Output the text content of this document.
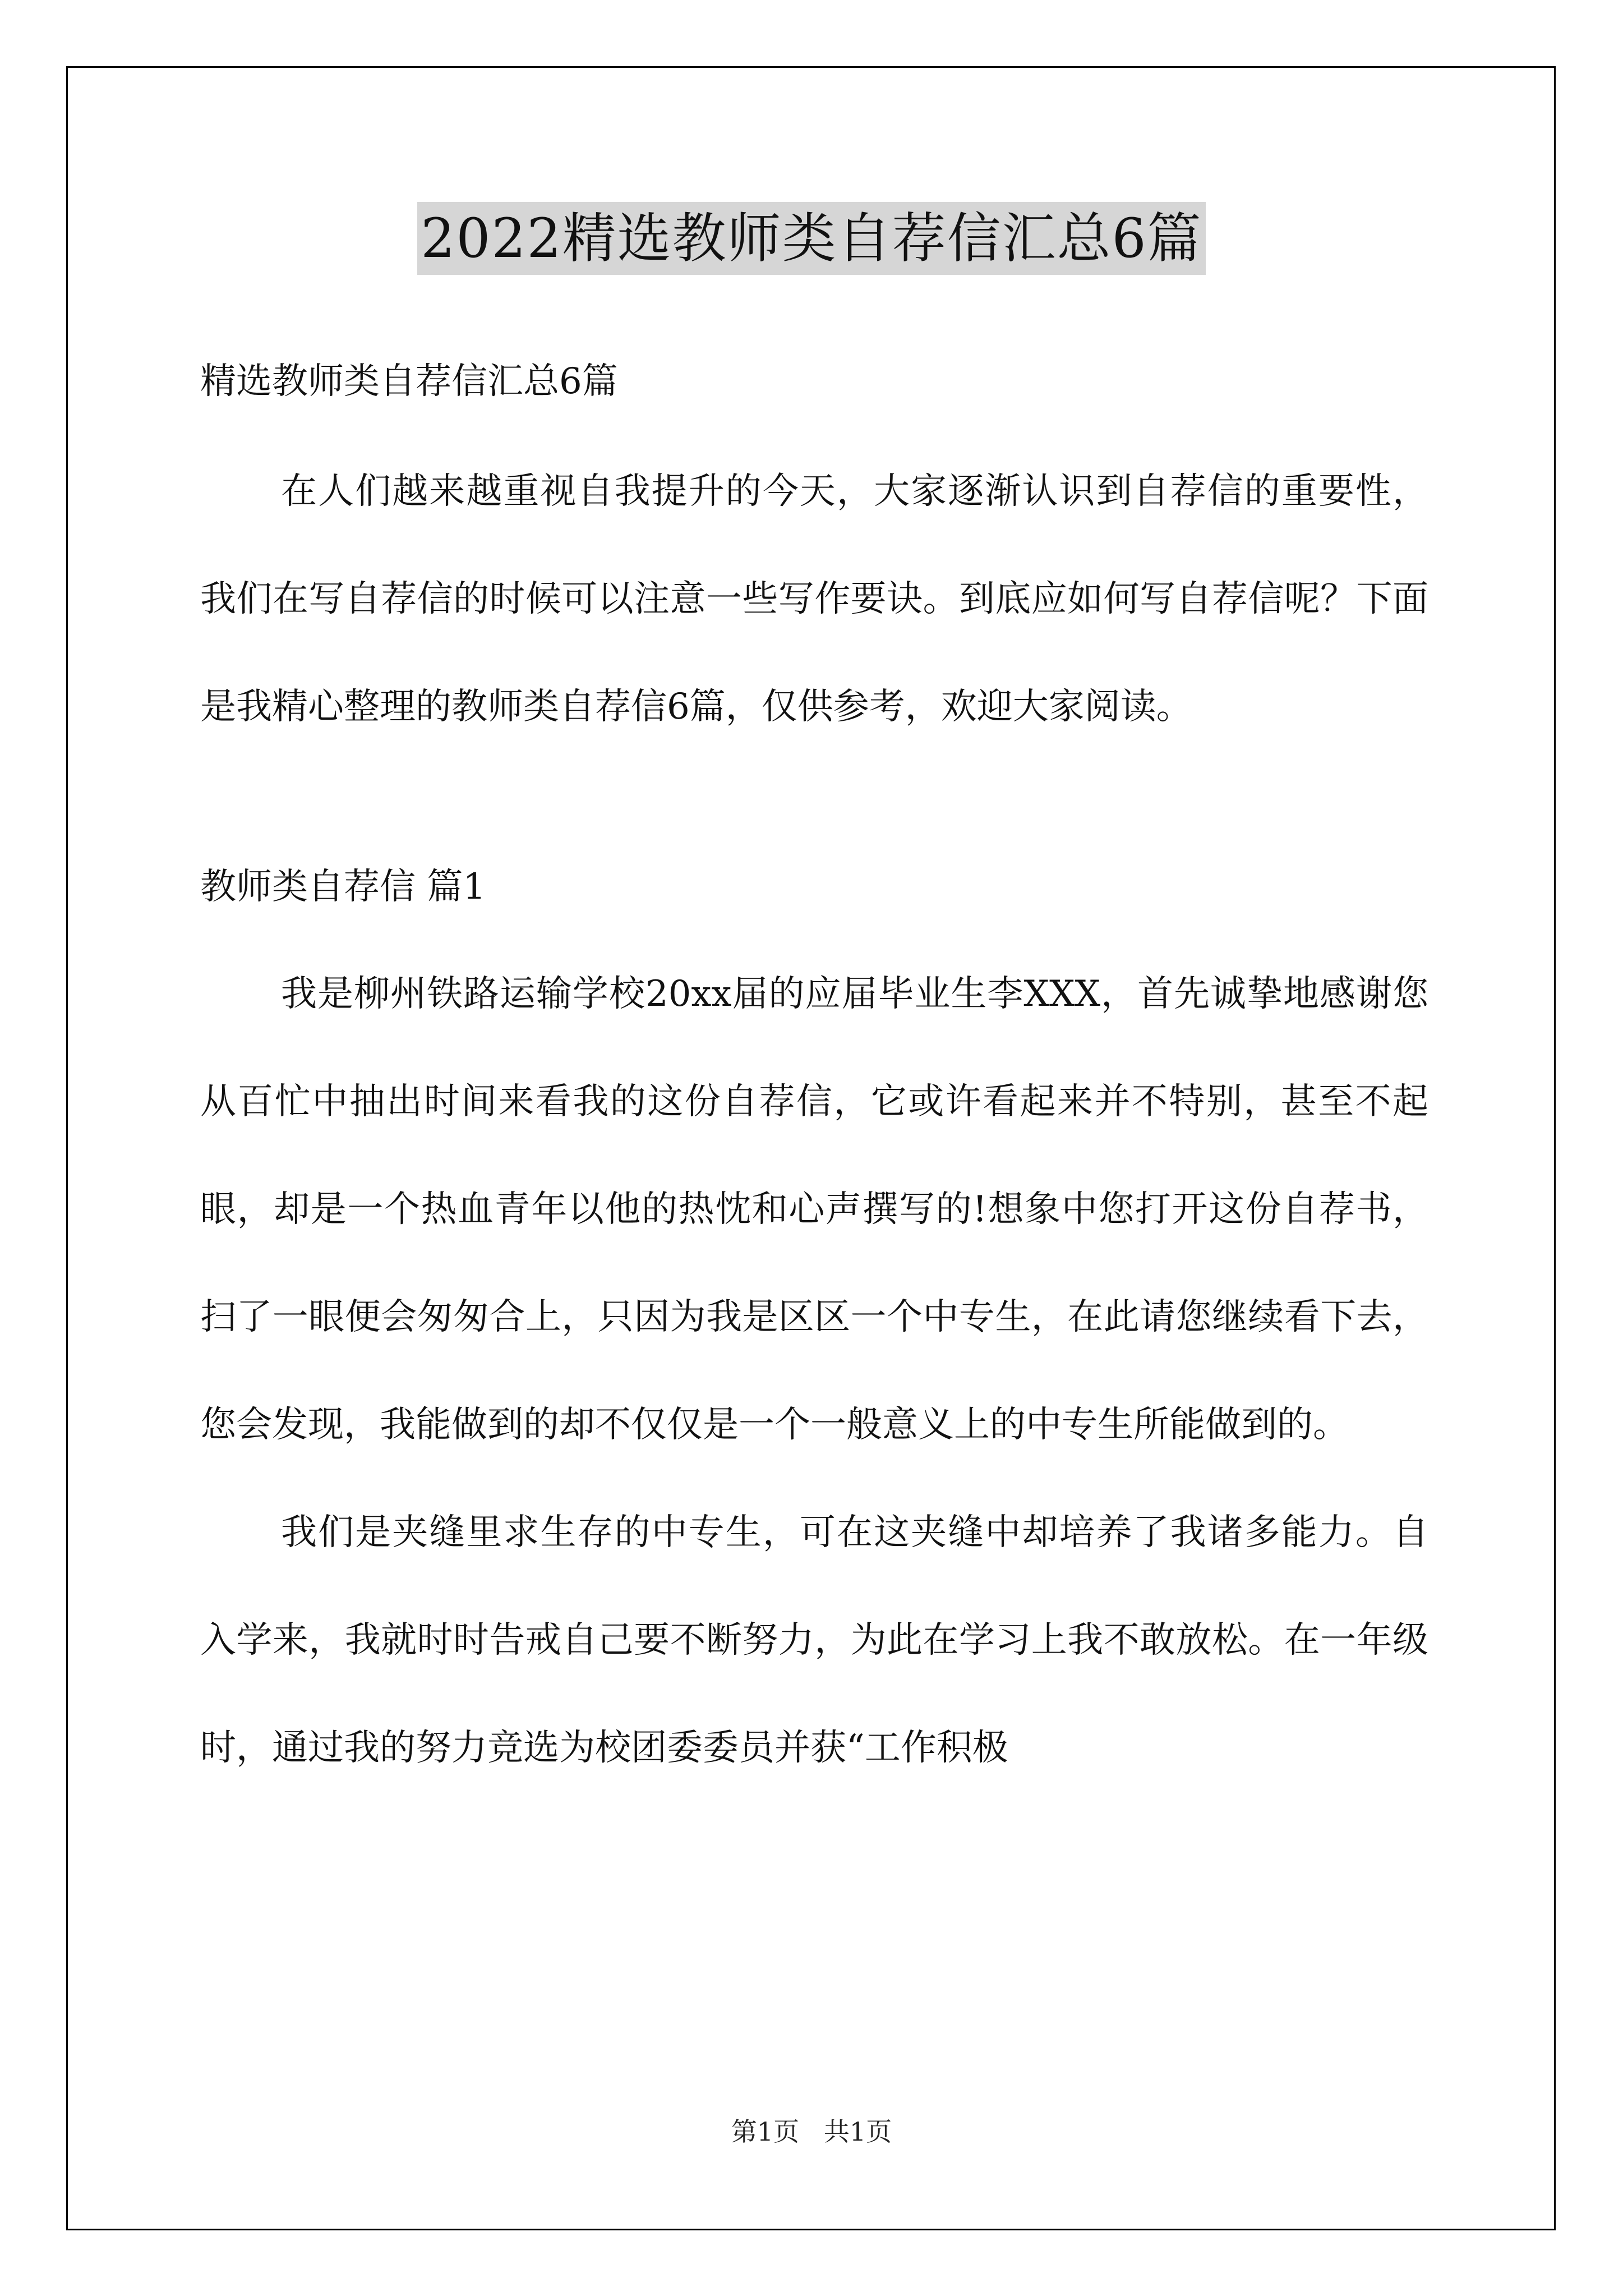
2022精选教师类自荐信汇总6篇

精选教师类自荐信汇总6篇

在人们越来越重视自我提升的今天，大家逐渐认识到自荐信的重要性，我们在写自荐信的时候可以注意一些写作要诀。到底应如何写自荐信呢？下面是我精心整理的教师类自荐信6篇，仅供参考，欢迎大家阅读。

教师类自荐信 篇1

我是柳州铁路运输学校20xx届的应届毕业生李XXX，首先诚挚地感谢您从百忙中抽出时间来看我的这份自荐信，它或许看起来并不特别，甚至不起眼，却是一个热血青年以他的热忱和心声撰写的!想象中您打开这份自荐书，扫了一眼便会匆匆合上，只因为我是区区一个中专生，在此请您继续看下去，您会发现，我能做到的却不仅仅是一个一般意义上的中专生所能做到的。

我们是夹缝里求生存的中专生，可在这夹缝中却培养了我诸多能力。自入学来，我就时时告戒自己要不断努力，为此在学习上我不敢放松。在一年级时，通过我的努力竞选为校团委委员并获“工作积极

第1页   共1页
